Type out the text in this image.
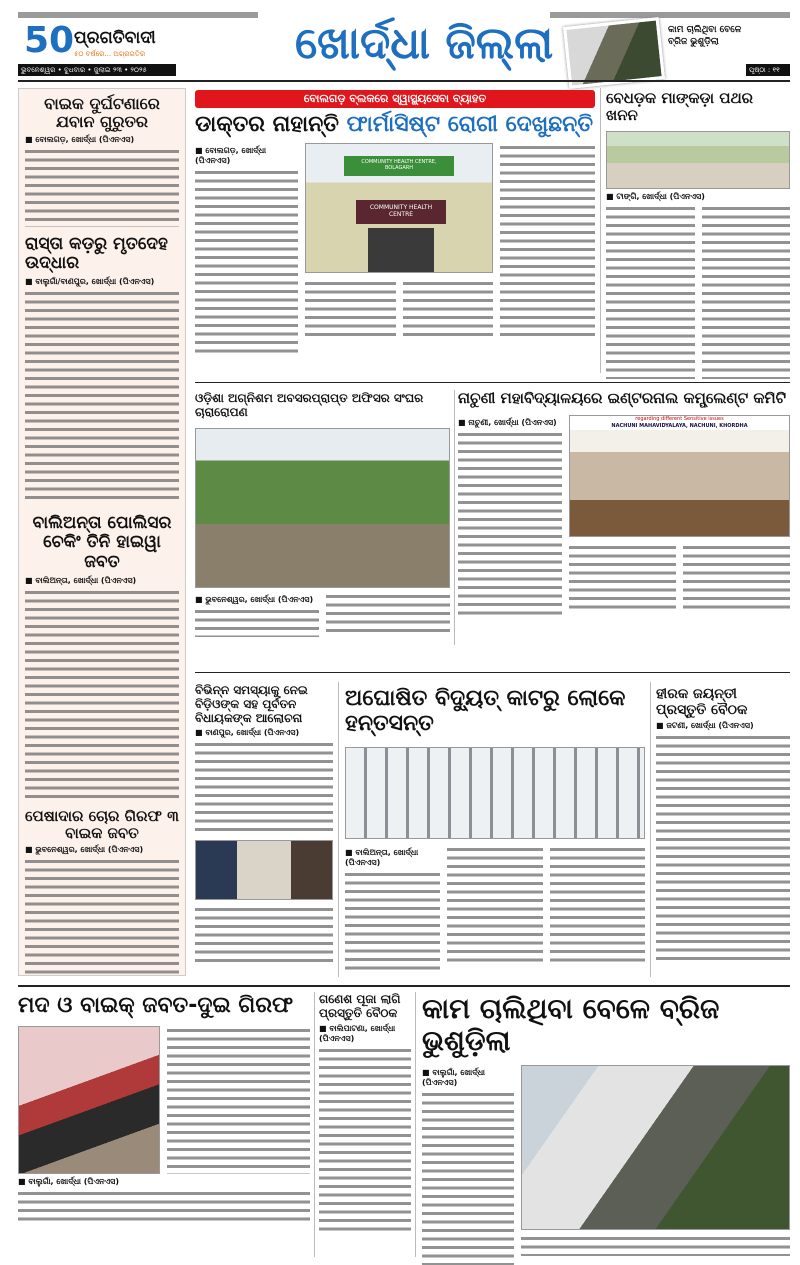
50 ପ୍ରଗତିବାଦୀ
୫୦ ବର୍ଷରେ... ଅଗ୍ରଗତିର	ଖୋର୍ଦ୍ଧା ଜିଲ୍ଲା	କାମ ଚାଲିଥିବା ବେଳେ ବ୍ରିଜ ଭୁଶୁଡ଼ିଲା
ଭୁବନେଶ୍ୱର • ବୁଧବାର • ଜୁଲାଇ ୨୩ • ୨୦୨୫	ପୃଷ୍ଠା : ୧୧
ବାଇକ ଦୁର୍ଘଟଣାରେ ଯବାନ ଗୁରୁତର
■ ବୋଲଗଡ଼, ଖୋର୍ଦ୍ଧା (ପିଏନଏସ)
ରାସ୍ତା କଡ଼ରୁ ମୃତଦେହ ଉଦ୍ଧାର
■ ବାଲୁଗାଁ/ବାଣପୁର, ଖୋର୍ଦ୍ଧା (ପିଏନଏସ)
ବାଲିଅନ୍ତା ପୋଲିସର ଚେକିଂ ତିନି ହାଇୱା ଜବତ
■ ବାଲିଅନ୍ତା, ଖୋର୍ଦ୍ଧା (ପିଏନଏସ)
ପେଷାଦାର ଚୋର ଗିରଫ ୩ ବାଇକ ଜବତ
■ ଭୁବନେଶ୍ୱର, ଖୋର୍ଦ୍ଧା (ପିଏନଏସ)
ବୋଲଗଡ଼ ବ୍ଲକରେ ସ୍ୱାସ୍ଥ୍ୟସେବା ବ୍ୟାହତ
ଡାକ୍ତର ନାହାନ୍ତି ଫାର୍ମାସିଷ୍ଟ ରୋଗୀ ଦେଖୁଛନ୍ତି
■ ବୋଲଗଡ଼, ଖୋର୍ଦ୍ଧା (ପିଏନଏସ)	COMMUNITY HEALTH CENTRE, BOLAGARH
COMMUNITY HEALTH CENTRE
ବେଧଡ଼କ ମାଙ୍କଡ଼ା ପଥର ଖନନ
■ ଟାଙ୍ଗି, ଖୋର୍ଦ୍ଧା (ପିଏନଏସ)
ଓଡ଼ିଶା ଅଗ୍ନିଶମ ଅବସରପ୍ରାପ୍ତ ଅଫିସର ସଂଘର ଚାରାରୋପଣ
■ ଭୁବନେଶ୍ୱର, ଖୋର୍ଦ୍ଧା (ପିଏନଏସ)
ନାଚୁଣୀ ମହାବିଦ୍ୟାଳୟରେ ଇଣ୍ଟରନାଲ କମ୍ପ୍ଲେଣ୍ଟ କମିଟି
■ ନାଚୁଣୀ, ଖୋର୍ଦ୍ଧା (ପିଏନଏସ)	regarding different Sensitive issues
NACHUNI MAHAVIDYALAYA, NACHUNI, KHORDHA
ବିଭିନ୍ନ ସମସ୍ୟାକୁ ନେଇ ବିଡ଼ିଓଙ୍କ ସହ ପୂର୍ବତନ ବିଧାୟକଙ୍କ ଆଲୋଚନା
■ ବାଣପୁର, ଖୋର୍ଦ୍ଧା (ପିଏନଏସ)
ଅଘୋଷିତ ବିଦ୍ୟୁତ୍ କାଟରୁ ଲୋକେ ହନ୍ତସନ୍ତ
■ ବାଲିଅନ୍ତା, ଖୋର୍ଦ୍ଧା (ପିଏନଏସ)
ହୀରକ ଜୟନ୍ତୀ ପ୍ରସ୍ତୁତି ବୈଠକ
■ ଜଟଣୀ, ଖୋର୍ଦ୍ଧା (ପିଏନଏସ)
ମଦ ଓ ବାଇକ୍ ଜବତ-ଦୁଇ ଗିରଫ
■ ବାଲୁଗାଁ, ଖୋର୍ଦ୍ଧା (ପିଏନଏସ)
ଗଣେଶ ପୂଜା ଲାଗି ପ୍ରସ୍ତୁତି ବୈଠକ
■ ବାଲିପାଟଣା, ଖୋର୍ଦ୍ଧା (ପିଏନଏସ)
କାମ ଚାଲିଥିବା ବେଳେ ବ୍ରିଜ ଭୁଶୁଡ଼ିଲା
■ ବାଲୁଗାଁ, ଖୋର୍ଦ୍ଧା (ପିଏନଏସ)
